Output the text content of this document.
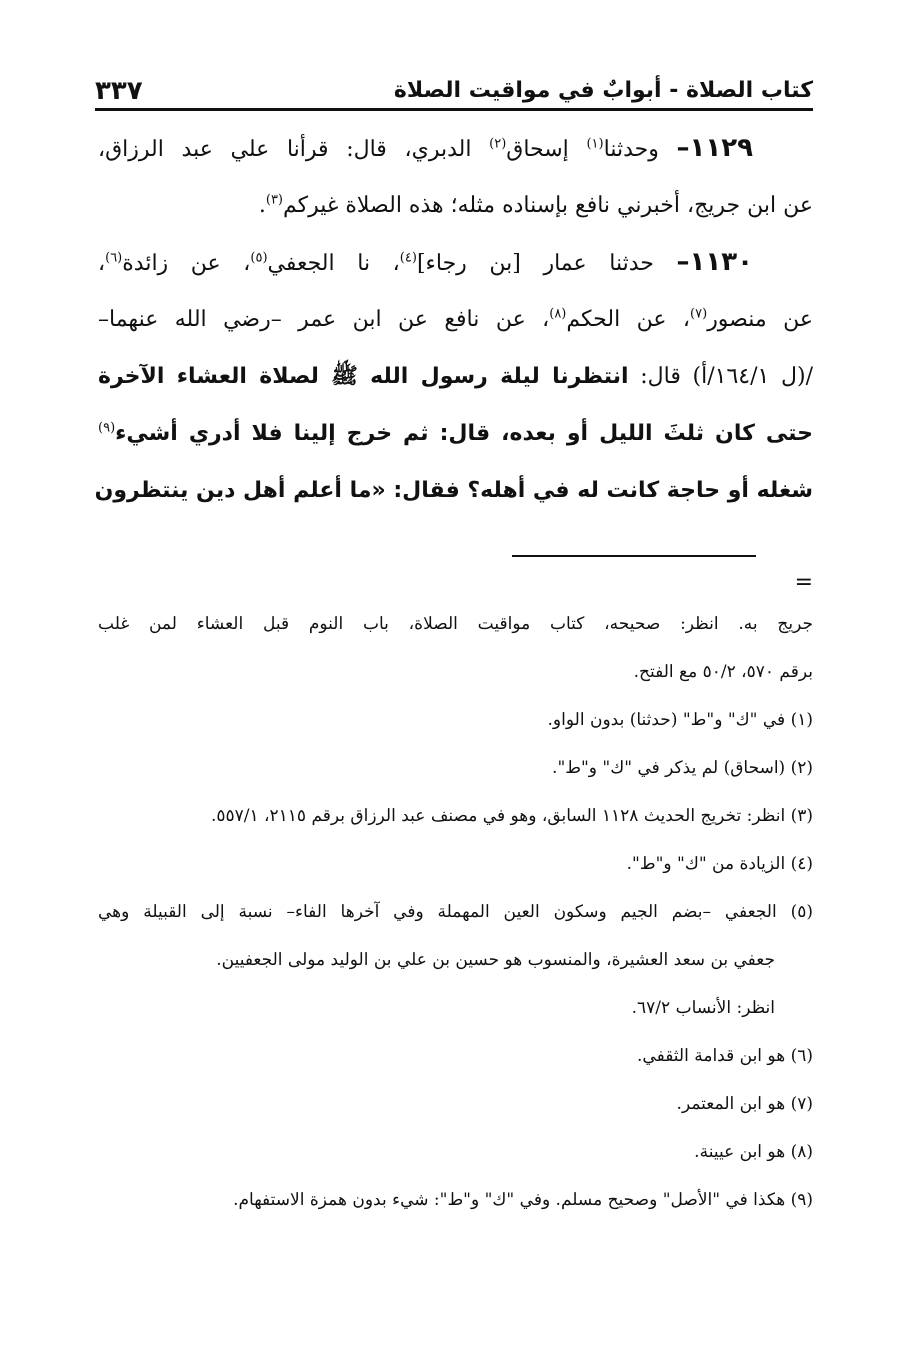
كتاب الصلاة - أبوابٌ في مواقيت الصلاة
٣٣٧
١١٢٩– وحدثنا$^{(١)}$ إسحاق$^{(٢)}$ الدبري، قال: قرأنا علي عبد الرزاق،
عن ابن جريج، أخبرني نافع بإسناده مثله؛ هذه الصلاة غيركم$^{(٣)}$.
١١٣٠– حدثنا عمار [بن رجاء]$^{(٤)}$، نا الجعفي$^{(٥)}$، عن زائدة$^{(٦)}$،
عن منصور$^{(٧)}$، عن الحكم$^{(٨)}$، عن نافع عن ابن عمر –رضي الله عنهما–
/(ل ١٦٤/١/أ) قال: انتظرنا ليلة رسول الله ﷺ لصلاة العشاء الآخرة
حتى كان ثلثَ الليل أو بعده، قال: ثم خرج إلينا فلا أدري أشيء$^{(٩)}$
شغله أو حاجة كانت له في أهله؟ فقال: «ما أعلم أهل دين ينتظرون
=
جريج به. انظر: صحيحه، كتاب مواقيت الصلاة، باب النوم قبل العشاء لمن غلب
برقم ٥٧٠، ٥٠/٢ مع الفتح.
(١) في "ك" و"ط" (حدثنا) بدون الواو.
(٢) (اسحاق) لم يذكر في "ك" و"ط".
(٣) انظر: تخريج الحديث ١١٢٨ السابق، وهو في مصنف عبد الرزاق برقم ٢١١٥، ٥٥٧/١.
(٤) الزيادة من "ك" و"ط".
(٥) الجعفي –بضم الجيم وسكون العين المهملة وفي آخرها الفاء– نسبة إلى القبيلة وهي
جعفي بن سعد العشيرة، والمنسوب هو حسين بن علي بن الوليد مولى الجعفيين.
انظر: الأنساب ٦٧/٢.
(٦) هو ابن قدامة الثقفي.
(٧) هو ابن المعتمر.
(٨) هو ابن عيينة.
(٩) هكذا في "الأصل" وصحيح مسلم. وفي "ك" و"ط": شيء بدون همزة الاستفهام.
